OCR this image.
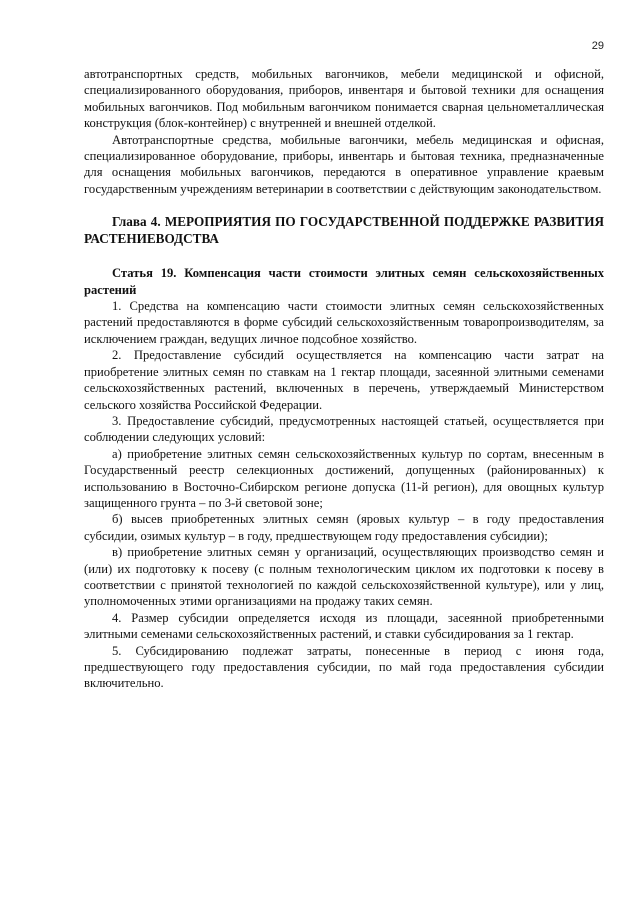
29

автотранспортных средств, мобильных вагончиков, мебели медицинской и офисной, специализированного оборудования, приборов, инвентаря и бытовой техники для оснащения мобильных вагончиков. Под мобильным вагончиком понимается сварная цельнометаллическая конструкция (блок-контейнер) с внутренней и внешней отделкой.

Автотранспортные средства, мобильные вагончики, мебель медицинская и офисная, специализированное оборудование, приборы, инвентарь и бытовая техника, предназначенные для оснащения мобильных вагончиков, передаются в оперативное управление краевым государственным учреждениям ветеринарии в соответствии с действующим законодательством.

Глава 4. МЕРОПРИЯТИЯ ПО ГОСУДАРСТВЕННОЙ ПОДДЕРЖКЕ РАЗВИТИЯ РАСТЕНИЕВОДСТВА

Статья 19. Компенсация части стоимости элитных семян сельскохозяйственных растений

1. Средства на компенсацию части стоимости элитных семян сельскохозяйственных растений предоставляются в форме субсидий сельскохозяйственным товаропроизводителям, за исключением граждан, ведущих личное подсобное хозяйство.

2. Предоставление субсидий осуществляется на компенсацию части затрат на приобретение элитных семян по ставкам на 1 гектар площади, засеянной элитными семенами сельскохозяйственных растений, включенных в перечень, утверждаемый Министерством сельского хозяйства Российской Федерации.

3. Предоставление субсидий, предусмотренных настоящей статьей, осуществляется при соблюдении следующих условий:

а) приобретение элитных семян сельскохозяйственных культур по сортам, внесенным в Государственный реестр селекционных достижений, допущенных (районированных) к использованию в Восточно-Сибирском регионе допуска (11-й регион), для овощных культур защищенного грунта – по 3-й световой зоне;

б) высев приобретенных элитных семян (яровых культур – в году предоставления субсидии, озимых культур – в году, предшествующем году предоставления субсидии);

в) приобретение элитных семян у организаций, осуществляющих производство семян и (или) их подготовку к посеву (с полным технологическим циклом их подготовки к посеву в соответствии с принятой технологией по каждой сельскохозяйственной культуре), или у лиц, уполномоченных этими организациями на продажу таких семян.

4. Размер субсидии определяется исходя из площади, засеянной приобретенными элитными семенами сельскохозяйственных растений, и ставки субсидирования за 1 гектар.

5. Субсидированию подлежат затраты, понесенные в период с июня года, предшествующего году предоставления субсидии, по май года предоставления субсидии включительно.
